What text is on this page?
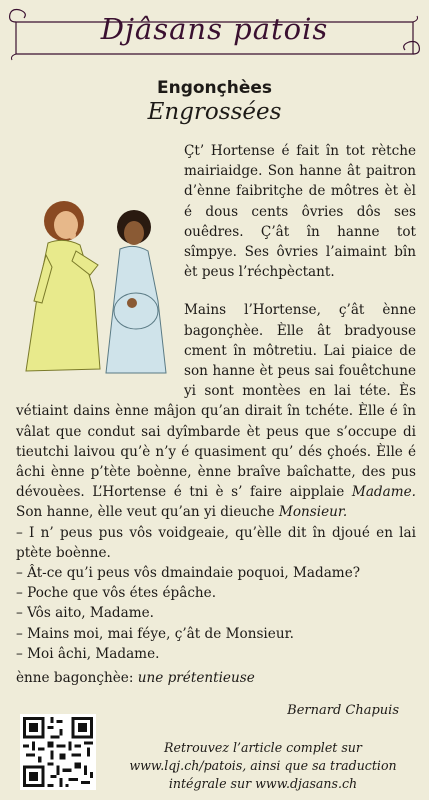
Djâsans patois
Engonçhèes
Engrossées

Çt’ Hortense é fait în tot rètche mairiaidge. Son hanne ât paitron d’ènne faibritçhe de môtres èt èl é dous cents ôvries dôs ses ouêdres. Ç’ât în hanne tot sîmpye. Ses ôvries l’aimaint bîn èt peus l’réchpèctant.

Mains l’Hortense, ç’ât ènne bagonçhèe. Èlle ât bradyouse cment în môtretiu. Lai piaice de son hanne èt peus sai fouêtchune yi sont montèes en lai téte. Ès vétiaint dains ènne mâjon qu’an dirait în tchéte. Èlle é în vâlat que condut sai dyîmbarde èt peus que s’occupe di tieutchi laivou qu’è n’y é quasiment qu’ dés çhoés. Èlle é âchi ènne p’tète boènne, ènne braîve baîchatte, des pus dévouèes. L’Hortense é tni è s’ faire aipplaie Madame. Son hanne, èlle veut qu’an yi dieuche Monsieur.

– I n’ peus pus vôs voidgeaie, qu’èlle dit în djoué en lai ptète boènne.

– Ât-ce qu’i peus vôs dmaindaie poquoi, Madame?

– Poche que vôs étes épâche.

– Vôs aito, Madame.

– Mains moi, mai féye, ç’ât de Monsieur.

– Moi âchi, Madame.

ènne bagonçhèe: une prétentieuse
Bernard Chapuis
Retrouvez l’article complet sur
www.lqj.ch/patois, ainsi que sa traduction
intégrale sur www.djasans.ch
